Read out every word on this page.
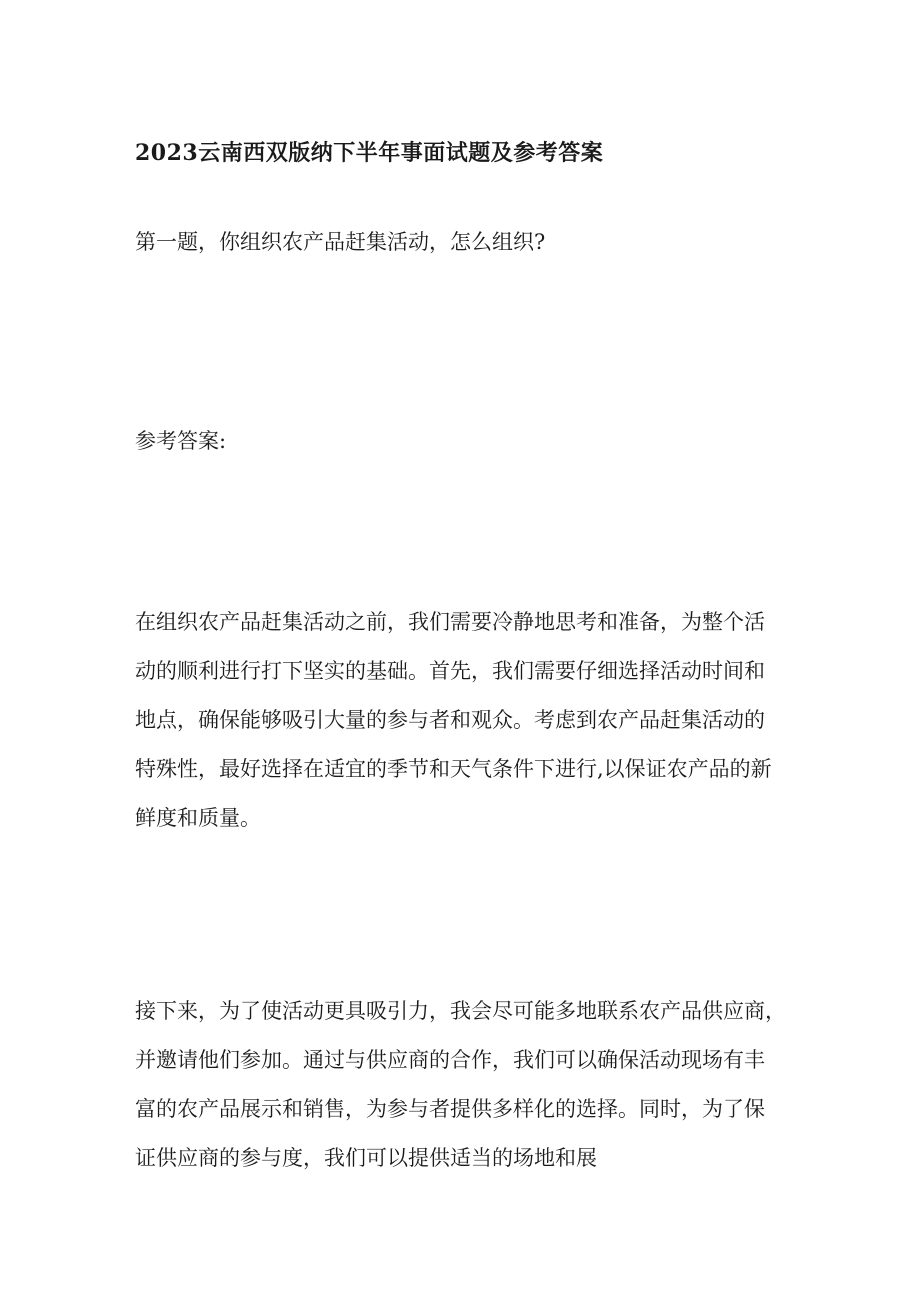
2023云南西双版纳下半年事面试题及参考答案

第一题，你组织农产品赶集活动，怎么组织?

参考答案:

在组织农产品赶集活动之前，我们需要冷静地思考和准备，为整个活
动的顺利进行打下坚实的基础。首先，我们需要仔细选择活动时间和
地点，确保能够吸引大量的参与者和观众。考虑到农产品赶集活动的
特殊性，最好选择在适宜的季节和天气条件下进行,以保证农产品的新
鲜度和质量。
接下来，为了使活动更具吸引力，我会尽可能多地联系农产品供应商，
并邀请他们参加。通过与供应商的合作，我们可以确保活动现场有丰
富的农产品展示和销售，为参与者提供多样化的选择。同时，为了保
证供应商的参与度，我们可以提供适当的场地和展
